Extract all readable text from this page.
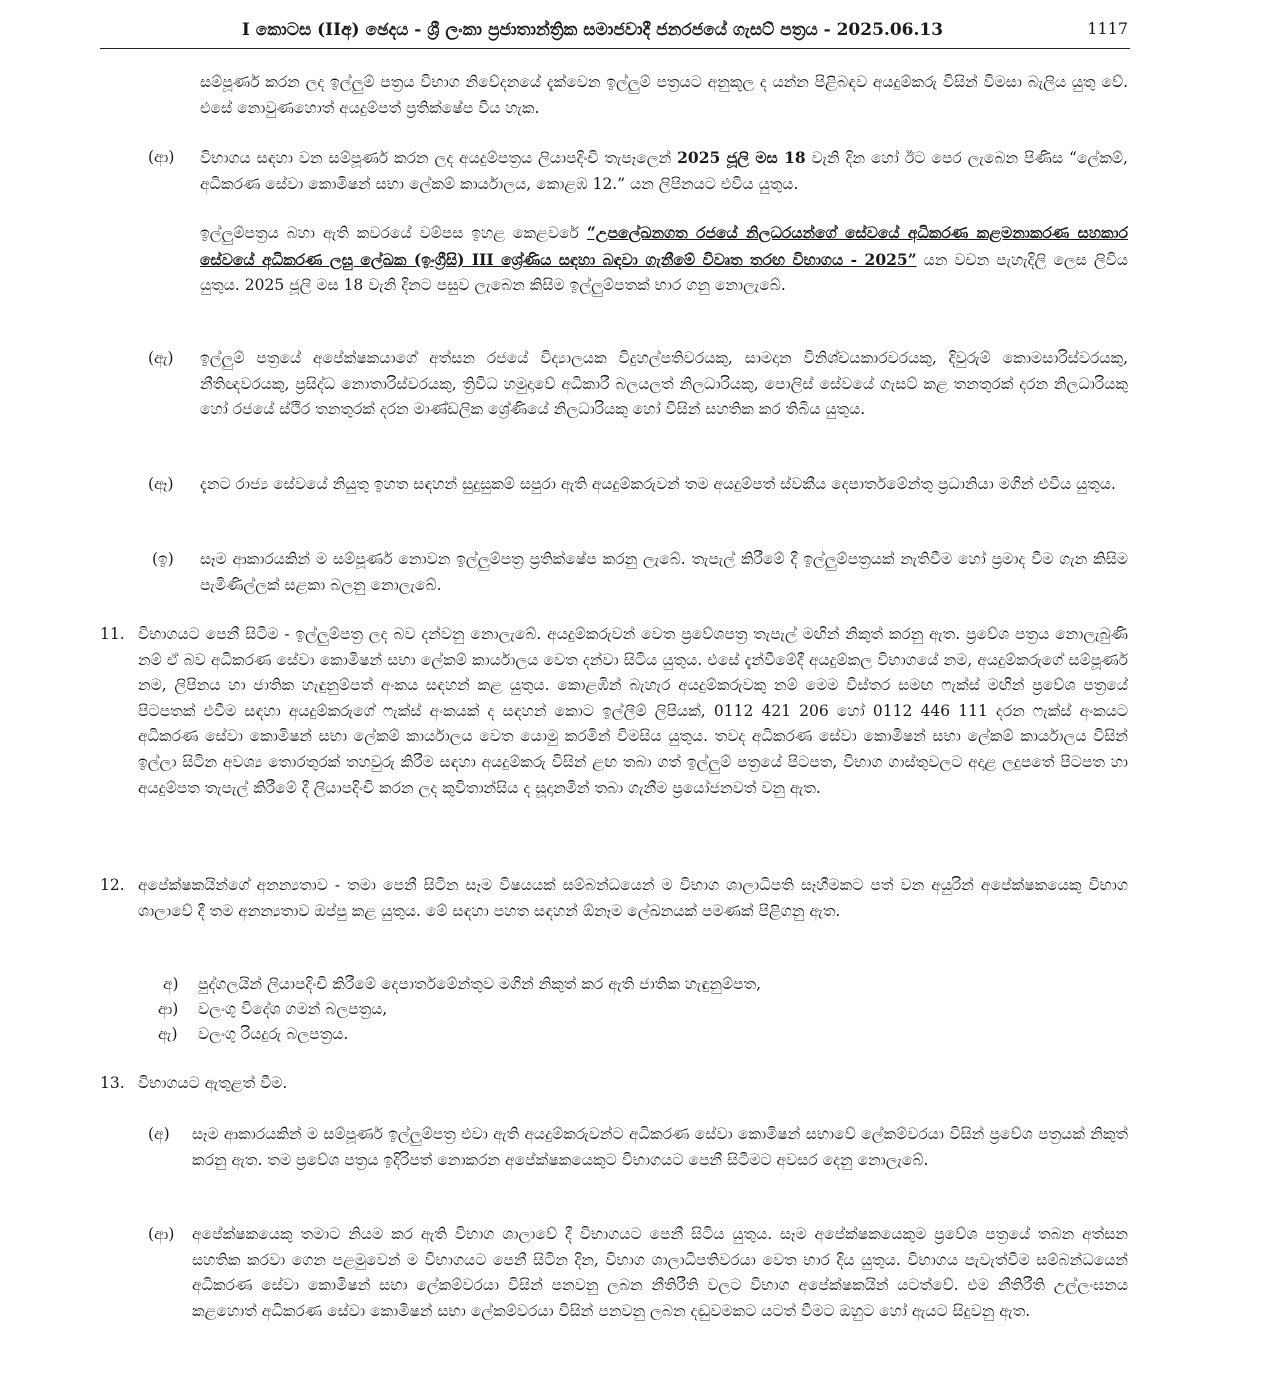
I කොටස (IIඅ) ඡෙදය - ශ්‍රී ලංකා ප්‍රජාතාන්ත්‍රික සමාජවාදී ජනරජයේ ගැසට් පත්‍රය - 2025.06.13	1117
සම්පූර්ණ කරන ලද ඉල්ලුම් පත්‍රය විභාග නිවේදනයේ දැක්වෙන ඉල්ලුම් පත්‍රයට අනුකූල ද යන්න පිළිබඳව අයදුම්කරු විසින් විමසා බැලිය යුතු වේ. එසේ නොවුණහොත් අයදුම්පත් ප්‍රතික්ෂේප විය හැක.
(ආ) විභාගය සඳහා වන සම්පූර්ණ කරන ලද අයදුම්පත්‍රය ලියාපදිංචි තැපෑලෙන් 2025 ජූලි මස 18 වැනි දින හෝ ඊට පෙර ලැබෙන පිණිස “ලේකම්, අධිකරණ සේවා කොමිෂන් සභා ලේකම් කාර්යාලය, කොළඹ 12.” යන ලිපිනයට එවිය යුතුය.
ඉල්ලුම්පත්‍රය බහා ඇති කවරයේ වම්පස ඉහළ කෙළවරේ “උපලේඛනගත රජයේ නිලධරයන්ගේ සේවයේ අධිකරණ කළමනාකරණ සහකාර සේවයේ අධිකරණ ලඝු ලේඛක (ඉංග්‍රීසි) III ශ්‍රේණිය සඳහා බඳවා ගැනීමේ විවෘත තරඟ විභාගය - 2025” යන වචන පැහැදිලි ලෙස ලිවිය යුතුය. 2025 ජූලි මස 18 වැනි දිනට පසුව ලැබෙන කිසිම ඉල්ලුම්පතක් භාර ගනු නොලැබේ.
(ඇ) ඉල්ලුම් පත්‍රයේ අපේක්ෂකයාගේ අත්සන රජයේ විද්‍යාලයක විදුහල්පතිවරයකු, සාමදාන විනිශ්චයකාරවරයකු, දිවුරුම් කොමසාරිස්වරයකු, නීතිඥවරයකු, ප්‍රසිද්ධ නොතාරිස්වරයකු, ත්‍රිවිධ හමුදාවේ අධිකාරී බලයලත් නිලධාරියකු, පොලිස් සේවයේ ගැසට් කළ තනතුරක් දරන නිලධාරියකු හෝ රජයේ ස්ථිර තනතුරක් දරන මාණ්ඩලික ශ්‍රේණියේ නිලධාරියකු හෝ විසින් සහතික කර තිබිය යුතුය.
(ඈ) දැනට රාජ්‍ය සේවයේ නියුතු ඉහත සඳහන් සුදුසුකම් සපුරා ඇති අයදුම්කරුවන් තම අයදුම්පත් ස්වකීය දෙපාර්තමේන්තු ප්‍රධානියා මගින් එවිය යුතුය.
(ඉ) සෑම ආකාරයකින් ම සම්පූර්ණ නොවන ඉල්ලුම්පත්‍ර ප්‍රතික්ෂේප කරනු ලැබේ. තැපැල් කිරීමේ දී ඉල්ලුම්පත්‍රයක් නැතිවීම හෝ ප්‍රමාද වීම ගැන කිසිම පැමිණිල්ලක් සළකා බලනු නොලැබේ.
11. විභාගයට පෙනී සිටීම - ඉල්ලුම්පත්‍ර ලද බව දන්වනු නොලැබේ. අයදුම්කරුවන් වෙත ප්‍රවේශපත්‍ර තැපැල් මඟින් නිකුත් කරනු ඇත. ප්‍රවේශ පත්‍රය නොලැබුණි නම් ඒ බව අධිකරණ සේවා කොමිෂන් සභා ලේකම් කාර්යාලය වෙත දන්වා සිටිය යුතුය. එසේ දැන්වීමේදී අයදුම්කල විභාගයේ නම, අයදුම්කරුගේ සම්පූර්ණ නම, ලිපිනය හා ජාතික හැඳුනුම්පත් අංකය සඳහන් කළ යුතුය. කොළඹින් බැහැර අයදුම්කරුවකු නම් මෙම විස්තර සමඟ ෆැක්ස් මඟින් ප්‍රවේශ පත්‍රයේ පිටපතක් එවීම සඳහා අයදුම්කරුගේ ෆැක්ස් අංකයක් ද සඳහන් කොට ඉල්ලීම් ලිපියක්, 0112 421 206 හෝ 0112 446 111 දරන ෆැක්ස් අංකයට අධිකරණ සේවා කොමිෂන් සභා ලේකම් කාර්යාලය වෙත යොමු කරමින් විමසිය යුතුය. තවද අධිකරණ සේවා කොමිෂන් සභා ලේකම් කාර්යාලය විසින් ඉල්ලා සිටින අවශ්‍ය තොරතුරක් තහවුරු කිරීම සඳහා අයදුම්කරු විසින් ළඟ තබා ගත් ඉල්ලුම් පත්‍රයේ පිටපත, විභාග ගාස්තුවලට අදාළ ලදුපතේ පිටපත හා අයදුම්පත තැපැල් කිරීමේ දී ලියාපදිංචි කරන ලද කුවිතාන්සිය ද සූදානමින් තබා ගැනීම ප්‍රයෝජනවත් වනු ඇත.
12. අපේක්ෂකයින්ගේ අනන්‍යතාව - තමා පෙනී සිටින සෑම විෂයයක් සම්බන්ධයෙන් ම විභාග ශාලාධිපති සෑහීමකට පත් වන අයුරින් අපේක්ෂකයෙකු විභාග ශාලාවේ දී තම අනන්‍යතාව ඔප්පු කළ යුතුය. මේ සඳහා පහත සඳහන් ඕනෑම ලේඛනයක් පමණක් පිළිගනු ඇත.
අ) පුද්ගලයින් ලියාපදිංචි කිරීමේ දෙපාර්තමේන්තුව මගින් නිකුත් කර ඇති ජාතික හැඳුනුම්පත,
ආ) වලංගු විදේශ ගමන් බලපත්‍රය,
ඇ) වලංගු රියදුරු බලපත්‍රය.
13. විභාගයට ඇතුළත් වීම.
(අ) සෑම ආකාරයකින් ම සම්පූර්ණ ඉල්ලුම්පත්‍ර එවා ඇති අයදුම්කරුවන්ට අධිකරණ සේවා කොමිෂන් සභාවේ ලේකම්වරයා විසින් ප්‍රවේශ පත්‍රයක් නිකුත් කරනු ඇත. තම ප්‍රවේශ පත්‍රය ඉදිරිපත් නොකරන අපේක්ෂකයෙකුට විභාගයට පෙනී සිටීමට අවසර දෙනු නොලැබේ.
(ආ) අපේක්ෂකයෙකු තමාට නියම කර ඇති විභාග ශාලාවේ දී විභාගයට පෙනී සිටිය යුතුය. සෑම අපේක්ෂකයෙකුම ප්‍රවේශ පත්‍රයේ තබන අත්සන සහතික කරවා ගෙන පළමුවෙන් ම විභාගයට පෙනී සිටින දින, විභාග ශාලාධිපතිවරයා වෙත භාර දිය යුතුය. විභාගය පැවැත්වීම සම්බන්ධයෙන් අධිකරණ සේවා කොමිෂන් සභා ලේකම්වරයා විසින් පනවනු ලබන නීතිරීති වලට විභාග අපේක්ෂකයින් යටත්වේ. එම නීතිරීති උල්ලංඝනය කළහොත් අධිකරණ සේවා කොමිෂන් සභා ලේකම්වරයා විසින් පනවනු ලබන දඬුවමකට යටත් වීමට ඔහුට හෝ ඇයට සිදුවනු ඇත.
